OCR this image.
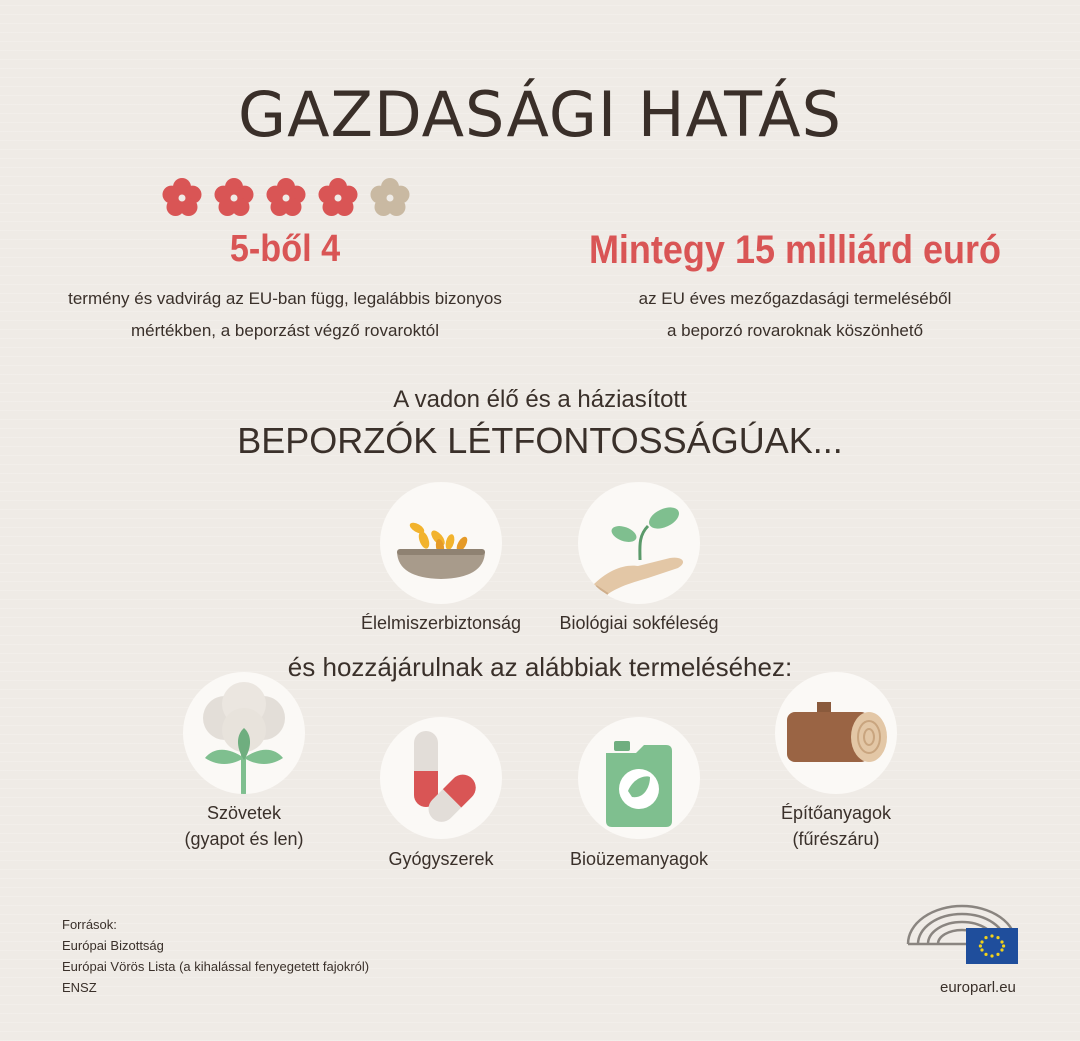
GAZDASÁGI HATÁS
5-ből 4
termény és vadvirág az EU-ban függ, legalábbis bizonyos
mértékben, a beporzást végző rovaroktól
Mintegy 15 milliárd euró
az EU éves mezőgazdasági termeléséből
a beporzó rovaroknak köszönhető
A vadon élő és a háziasított
BEPORZÓK LÉTFONTOSSÁGÚAK...
Élelmiszerbiztonság	Biológiai sokféleség
és hozzájárulnak az alábbiak termeléséhez:
Szövetek
(gyapot és len)
Gyógyszerek	Bioüzemanyagok
Építőanyagok
(fűrészáru)
Források:
Európai Bizottság
Európai Vörös Lista (a kihalással fenyegetett fajokról)
ENSZ	europarl.eu
